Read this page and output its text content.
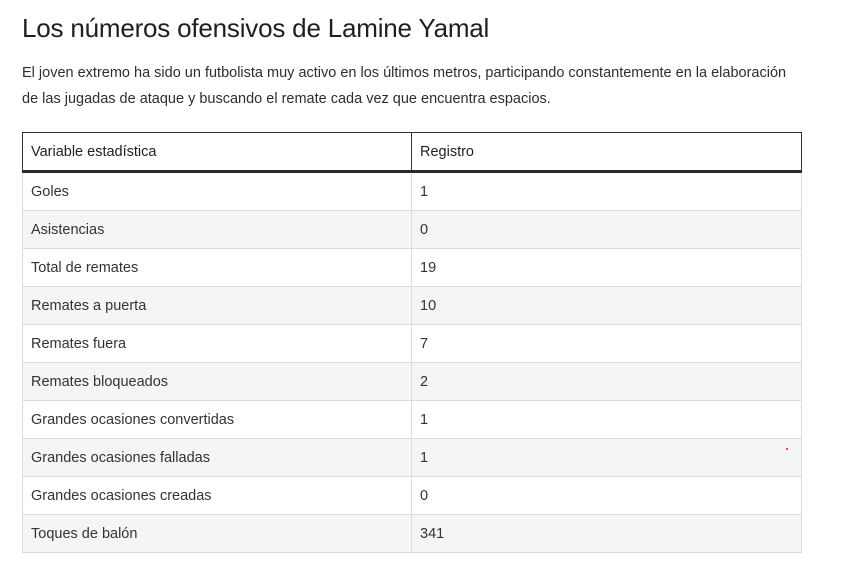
Los números ofensivos de Lamine Yamal

El joven extremo ha sido un futbolista muy activo en los últimos metros, participando constantemente en la elaboración de las jugadas de ataque y buscando el remate cada vez que encuentra espacios.

Variable estadística	Registro
Goles	1
Asistencias	0
Total de remates	19
Remates a puerta	10
Remates fuera	7
Remates bloqueados	2
Grandes ocasiones convertidas	1
Grandes ocasiones falladas	1
Grandes ocasiones creadas	0
Toques de balón	341
